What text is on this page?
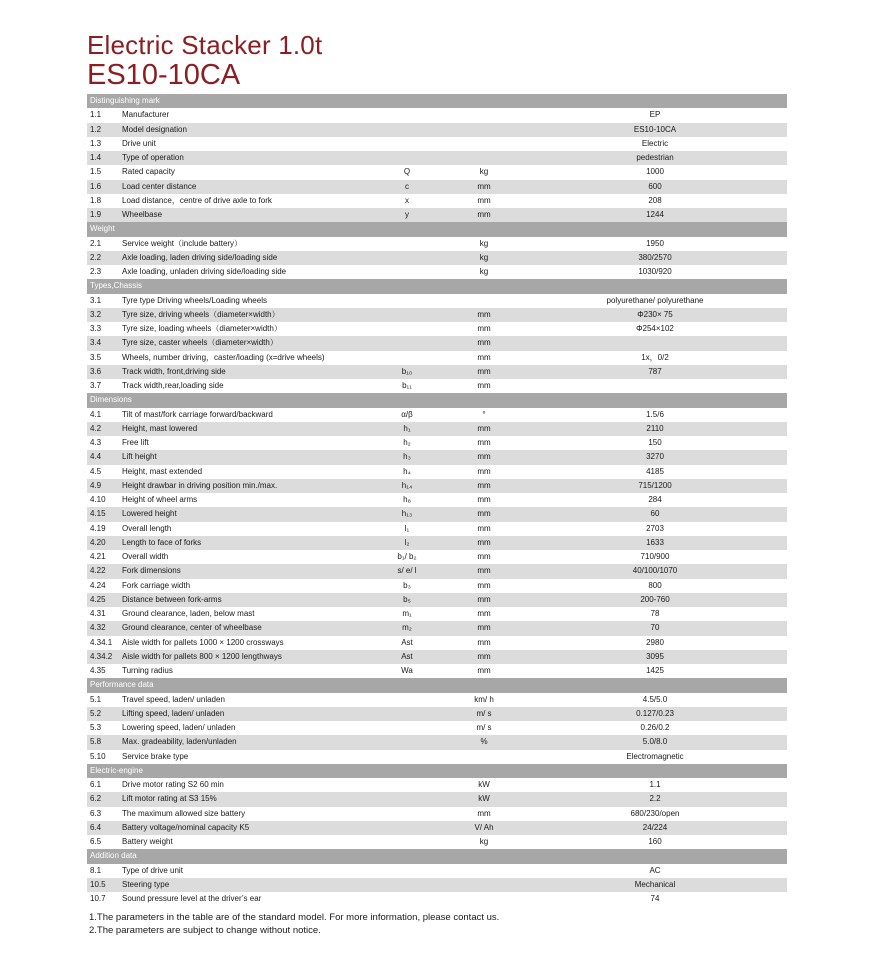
Electric Stacker 1.0t
ES10-10CA
Distinguishing mark
1.1	Manufacturer	EP
1.2	Model designation	ES10-10CA
1.3	Drive unit	Electric
1.4	Type of operation	pedestrian
1.5	Rated capacity	Q	kg	1000
1.6	Load center distance	c	mm	600
1.8	Load distance，centre of drive axle to fork	x	mm	208
1.9	Wheelbase	y	mm	1244
Weight
2.1	Service weight（include battery）	kg	1950
2.2	Axle loading, laden driving side/loading side	kg	380/2570
2.3	Axle loading, unladen driving side/loading side	kg	1030/920
Types,Chassis
3.1	Tyre type Driving wheels/Loading wheels	polyurethane/ polyurethane
3.2	Tyre size, driving wheels（diameter×width）	mm	Φ230× 75
3.3	Tyre size, loading wheels（diameter×width）	mm	Φ254×102
3.4	Tyre size, caster wheels（diameter×width）	mm
3.5	Wheels, number driving，caster/loading (x=drive wheels)	mm	1x，0/2
3.6	Track width, front,driving side	b₁₀	mm	787
3.7	Track width,rear,loading side	b₁₁	mm
Dimensions
4.1	Tilt of mast/fork carriage forward/backward	α/β	°	1.5/6
4.2	Height, mast lowered	h₁	mm	2110
4.3	Free lift	h₂	mm	150
4.4	Lift height	h₃	mm	3270
4.5	Height, mast extended	h₄	mm	4185
4.9	Height drawbar in driving position min./max.	h₁₄	mm	715/1200
4.10 Height of wheel arms	h₈	mm	284
4.15 Lowered height	h₁₃	mm	60
4.19 Overall length	l₁	mm	2703
4.20 Length to face of forks	l₂	mm	1633
4.21 Overall width	b₁/ b₂	mm	710/900
4.22 Fork dimensions	s/ e/ l	mm	40/100/1070
4.24 Fork carriage width	b₃	mm	800
4.25 Distance between fork-arms	b₅	mm	200-760
4.31 Ground clearance, laden, below mast	m₁	mm	78
4.32 Ground clearance, center of wheelbase	m₂	mm	70
4.34.1 Aisle width for pallets 1000 × 1200 crossways	Ast	mm	2980
4.34.2 Aisle width for pallets 800 × 1200 lengthways	Ast	mm	3095
4.35 Turning radius	Wa	mm	1425
Performance data
5.1	Travel speed, laden/ unladen	km/ h	4.5/5.0
5.2	Lifting speed, laden/ unladen	m/ s	0.127/0.23
5.3	Lowering speed, laden/ unladen	m/ s	0.26/0.2
5.8	Max. gradeability, laden/unladen	%	5.0/8.0
5.10 Service brake type	Electromagnetic
Electric-engine
6.1	Drive motor rating S2 60 min	kW	1.1
6.2	Lift motor rating at S3 15%	kW	2.2
6.3	The maximum allowed size battery	mm	680/230/open
6.4	Battery voltage/nominal capacity K5	V/ Ah	24/224
6.5	Battery weight	kg	160
Addition data
8.1	Type of drive unit	AC
10.5 Steering type	Mechanical
10.7 Sound pressure level at the driver’s ear	74
1.The parameters in the table are of the standard model. For more information, please contact us.
2.The parameters are subject to change without notice.
